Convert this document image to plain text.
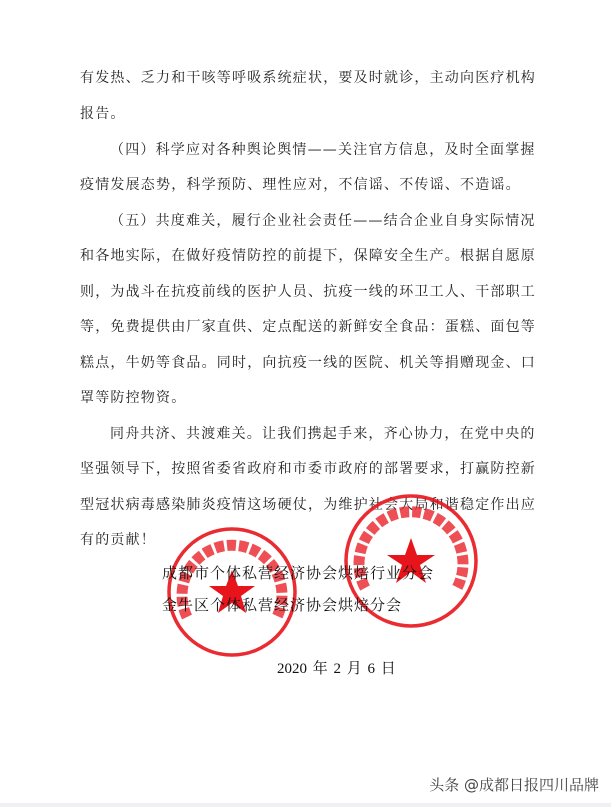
有发热、乏力和干咳等呼吸系统症状，要及时就诊，主动向医疗机构
报告。
（四）科学应对各种舆论舆情——关注官方信息，及时全面掌握
疫情发展态势，科学预防、理性应对，不信谣、不传谣、不造谣。
（五）共度难关，履行企业社会责任——结合企业自身实际情况
和各地实际，在做好疫情防控的前提下，保障安全生产。根据自愿原
则，为战斗在抗疫前线的医护人员、抗疫一线的环卫工人、干部职工
等，免费提供由厂家直供、定点配送的新鲜安全食品：蛋糕、面包等
糕点，牛奶等食品。同时，向抗疫一线的医院、机关等捐赠现金、口
罩等防控物资。
同舟共济、共渡难关。让我们携起手来，齐心协力，在党中央的
坚强领导下，按照省委省政府和市委市政府的部署要求，打赢防控新
型冠状病毒感染肺炎疫情这场硬仗，为维护社会大局和谐稳定作出应
有的贡献！
成都市个体私营经济协会烘焙行业分会
金牛区个体私营经济协会烘焙分会
2020 年 2 月 6 日
头条 @成都日报四川品牌
